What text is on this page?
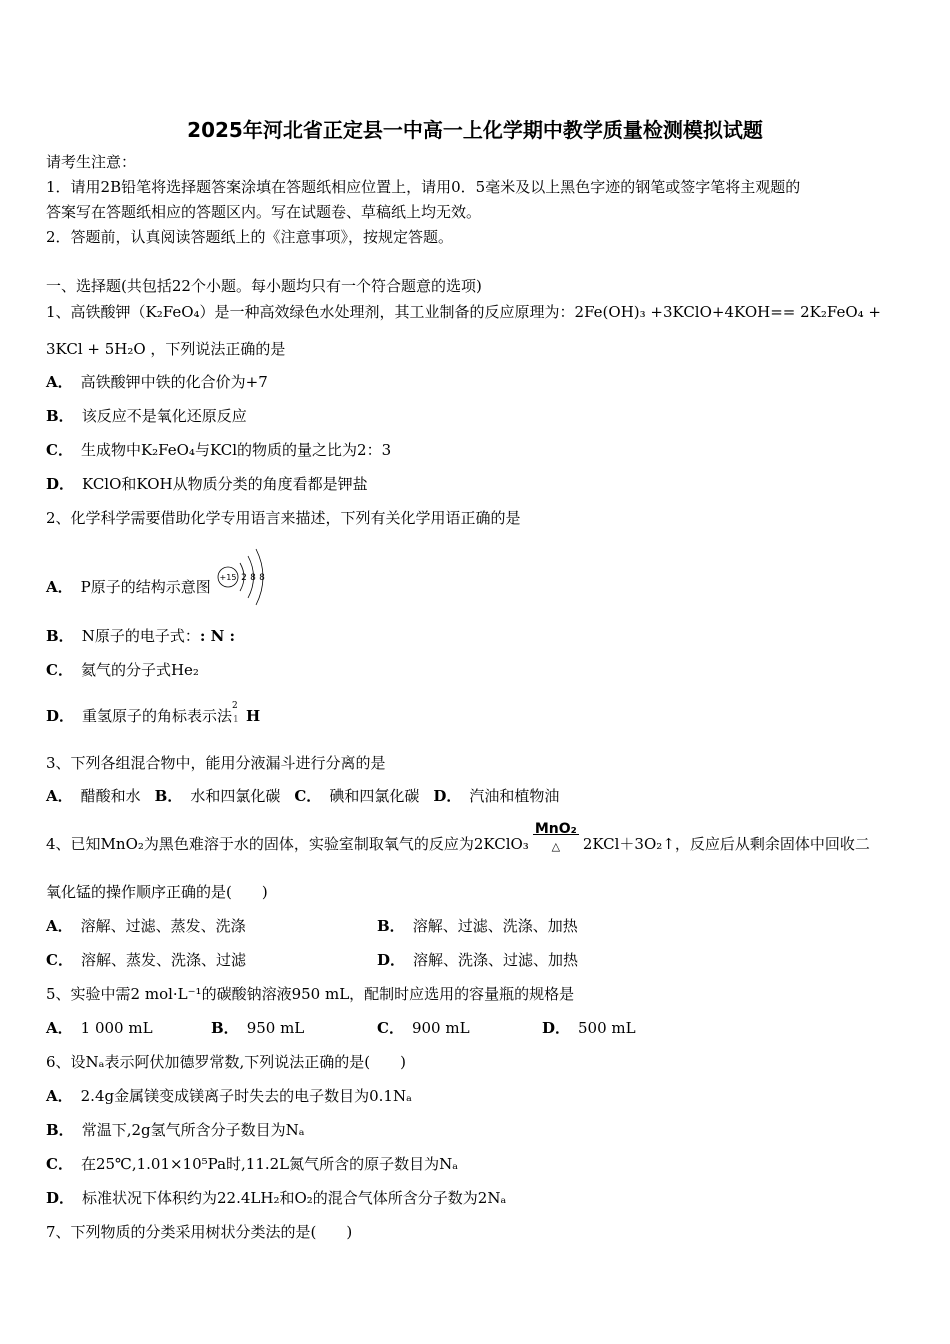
2025年河北省正定县一中高一上化学期中教学质量检测模拟试题
请考生注意：
1．请用2B铅笔将选择题答案涂填在答题纸相应位置上，请用0．5毫米及以上黑色字迹的钢笔或签字笔将主观题的
答案写在答题纸相应的答题区内。写在试题卷、草稿纸上均无效。
2．答题前，认真阅读答题纸上的《注意事项》，按规定答题。
一、选择题(共包括22个小题。每小题均只有一个符合题意的选项)
1、高铁酸钾（K₂FeO₄）是一种高效绿色水处理剂，其工业制备的反应原理为：2Fe(OH)₃ +3KClO+4KOH== 2K₂FeO₄ +
3KCl + 5H₂O ，下列说法正确的是
A． 高铁酸钾中铁的化合价为+7
B． 该反应不是氧化还原反应
C． 生成物中K₂FeO₄与KCl的物质的量之比为2：3
D． KClO和KOH从物质分类的角度看都是钾盐
2、化学科学需要借助化学专用语言来描述，下列有关化学用语正确的是
A． P原子的结构示意图
+15 2 8 8
B． N原子的电子式：: N :
C． 氦气的分子式He₂
D． 重氢原子的角标表示法
2
1 H
3、下列各组混合物中，能用分液漏斗进行分离的是
A． 醋酸和水 B． 水和四氯化碳 C． 碘和四氯化碳 D． 汽油和植物油
4、已知MnO₂为黑色难溶于水的固体，实验室制取氧气的反应为2KClO₃
MnO₂
△	2KCl＋3O₂↑，反应后从剩余固体中回收二
氧化锰的操作顺序正确的是(　　)
A． 溶解、过滤、蒸发、洗涤	B． 溶解、过滤、洗涤、加热
C． 溶解、蒸发、洗涤、过滤	D． 溶解、洗涤、过滤、加热
5、实验中需2 mol·L⁻¹的碳酸钠溶液950 mL，配制时应选用的容量瓶的规格是
A． 1 000 mL	B． 950 mL	C． 900 mL	D． 500 mL
6、设Nₐ表示阿伏加德罗常数,下列说法正确的是(　　)
A． 2.4g金属镁变成镁离子时失去的电子数目为0.1Nₐ
B． 常温下,2g氢气所含分子数目为Nₐ
C． 在25℃,1.01×10⁵Pa时,11.2L氮气所含的原子数目为Nₐ
D． 标准状况下体积约为22.4LH₂和O₂的混合气体所含分子数为2Nₐ
7、下列物质的分类采用树状分类法的是(　　)
